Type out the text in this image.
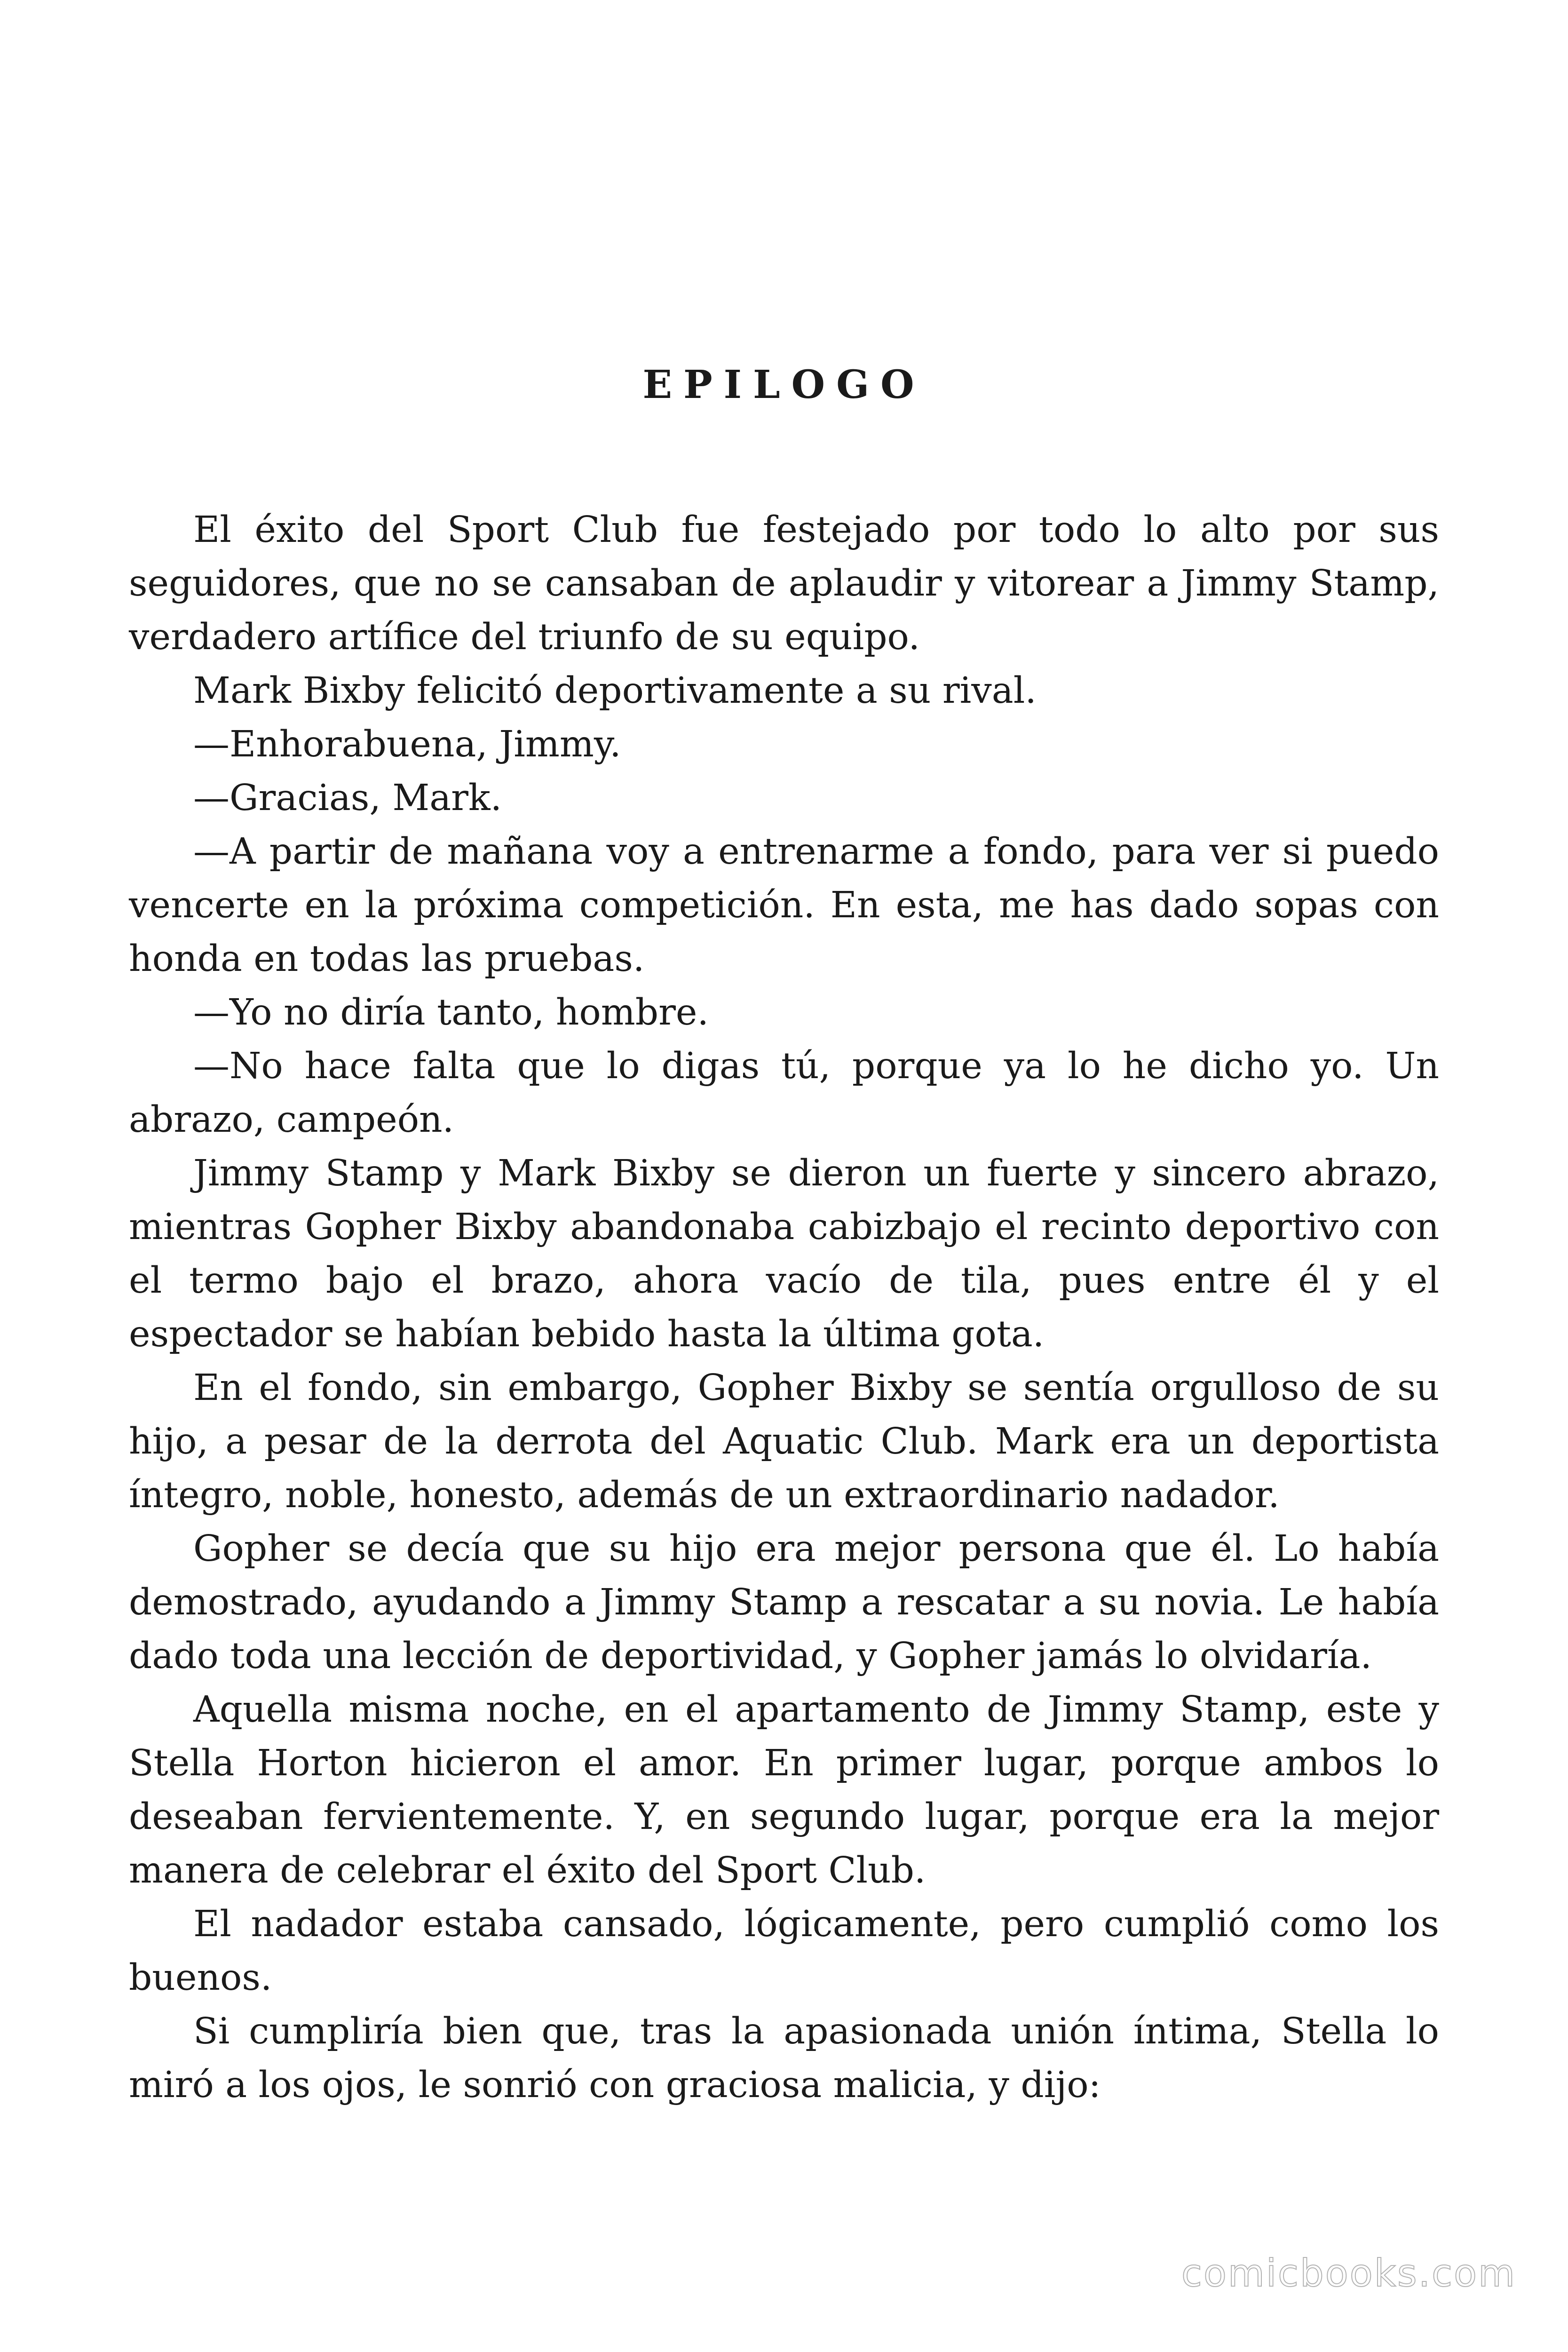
EPILOGO

El éxito del Sport Club fue festejado por todo lo alto por sus seguidores, que no se cansaban de aplaudir y vitorear a Jimmy Stamp, verdadero artífice del triunfo de su equipo.

Mark Bixby felicitó deportivamente a su rival.

—Enhorabuena, Jimmy.

—Gracias, Mark.

—A partir de mañana voy a entrenarme a fondo, para ver si puedo vencerte en la próxima competición. En esta, me has dado sopas con honda en todas las pruebas.

—Yo no diría tanto, hombre.

—No hace falta que lo digas tú, porque ya lo he dicho yo. Un abrazo, campeón.

Jimmy Stamp y Mark Bixby se dieron un fuerte y sincero abrazo, mientras Gopher Bixby abandonaba cabizbajo el recinto deportivo con el termo bajo el brazo, ahora vacío de tila, pues entre él y el espectador se habían bebido hasta la última gota.

En el fondo, sin embargo, Gopher Bixby se sentía orgulloso de su hijo, a pesar de la derrota del Aquatic Club. Mark era un deportista íntegro, noble, honesto, además de un extraordinario nadador.

Gopher se decía que su hijo era mejor persona que él. Lo había demostrado, ayudando a Jimmy Stamp a rescatar a su novia. Le había dado toda una lección de deportividad, y Gopher jamás lo olvidaría.

Aquella misma noche, en el apartamento de Jimmy Stamp, este y Stella Horton hicieron el amor. En primer lugar, porque ambos lo deseaban fervientemente. Y, en segundo lugar, porque era la mejor manera de celebrar el éxito del Sport Club.

El nadador estaba cansado, lógicamente, pero cumplió como los buenos.

Si cumpliría bien que, tras la apasionada unión íntima, Stella lo miró a los ojos, le sonrió con graciosa malicia, y dijo:

comicbooks.com
